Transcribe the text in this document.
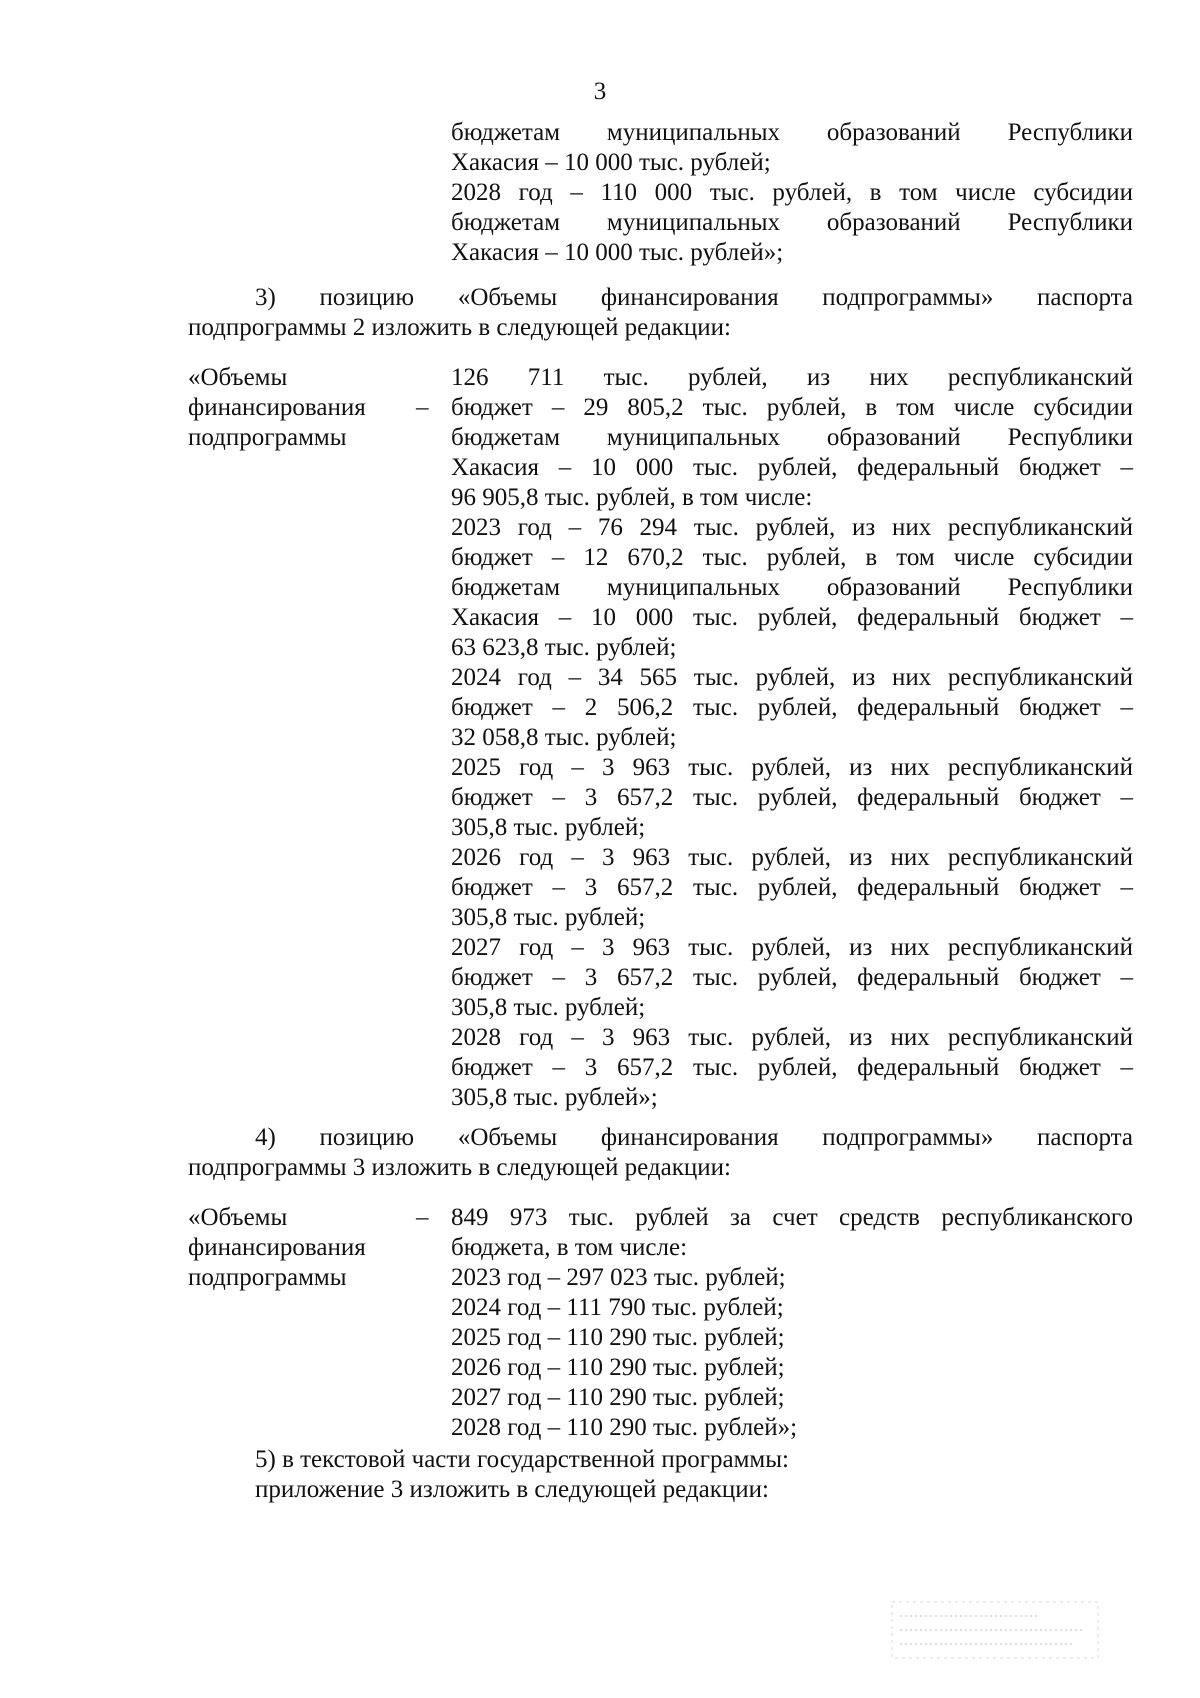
3
бюджетам муниципальных образований Республики
Хакасия – 10 000 тыс. рублей;
2028 год – 110 000 тыс. рублей, в том числе субсидии
бюджетам муниципальных образований Республики
Хакасия – 10 000 тыс. рублей»;
3) позицию «Объемы финансирования подпрограммы» паспорта
подпрограммы 2 изложить в следующей редакции:
«Объемы
финансирования
подпрограммы
–
126 711 тыс. рублей, из них республиканский
бюджет – 29 805,2 тыс. рублей, в том числе субсидии
бюджетам муниципальных образований Республики
Хакасия – 10 000 тыс. рублей, федеральный бюджет –
96 905,8 тыс. рублей, в том числе:
2023 год – 76 294 тыс. рублей, из них республиканский
бюджет – 12 670,2 тыс. рублей, в том числе субсидии
бюджетам муниципальных образований Республики
Хакасия – 10 000 тыс. рублей, федеральный бюджет –
63 623,8 тыс. рублей;
2024 год – 34 565 тыс. рублей, из них республиканский
бюджет – 2 506,2 тыс. рублей, федеральный бюджет –
32 058,8 тыс. рублей;
2025 год – 3 963 тыс. рублей, из них республиканский
бюджет – 3 657,2 тыс. рублей, федеральный бюджет –
305,8 тыс. рублей;
2026 год – 3 963 тыс. рублей, из них республиканский
бюджет – 3 657,2 тыс. рублей, федеральный бюджет –
305,8 тыс. рублей;
2027 год – 3 963 тыс. рублей, из них республиканский
бюджет – 3 657,2 тыс. рублей, федеральный бюджет –
305,8 тыс. рублей;
2028 год – 3 963 тыс. рублей, из них республиканский
бюджет – 3 657,2 тыс. рублей, федеральный бюджет –
305,8 тыс. рублей»;
4) позицию «Объемы финансирования подпрограммы» паспорта
подпрограммы 3 изложить в следующей редакции:
«Объемы
финансирования
подпрограммы
– 849 973 тыс. рублей за счет средств республиканского
бюджета, в том числе:
2023 год – 297 023 тыс. рублей;
2024 год – 111 790 тыс. рублей;
2025 год – 110 290 тыс. рублей;
2026 год – 110 290 тыс. рублей;
2027 год – 110 290 тыс. рублей;
2028 год – 110 290 тыс. рублей»;
5) в текстовой части государственной программы:
приложение 3 изложить в следующей редакции:
